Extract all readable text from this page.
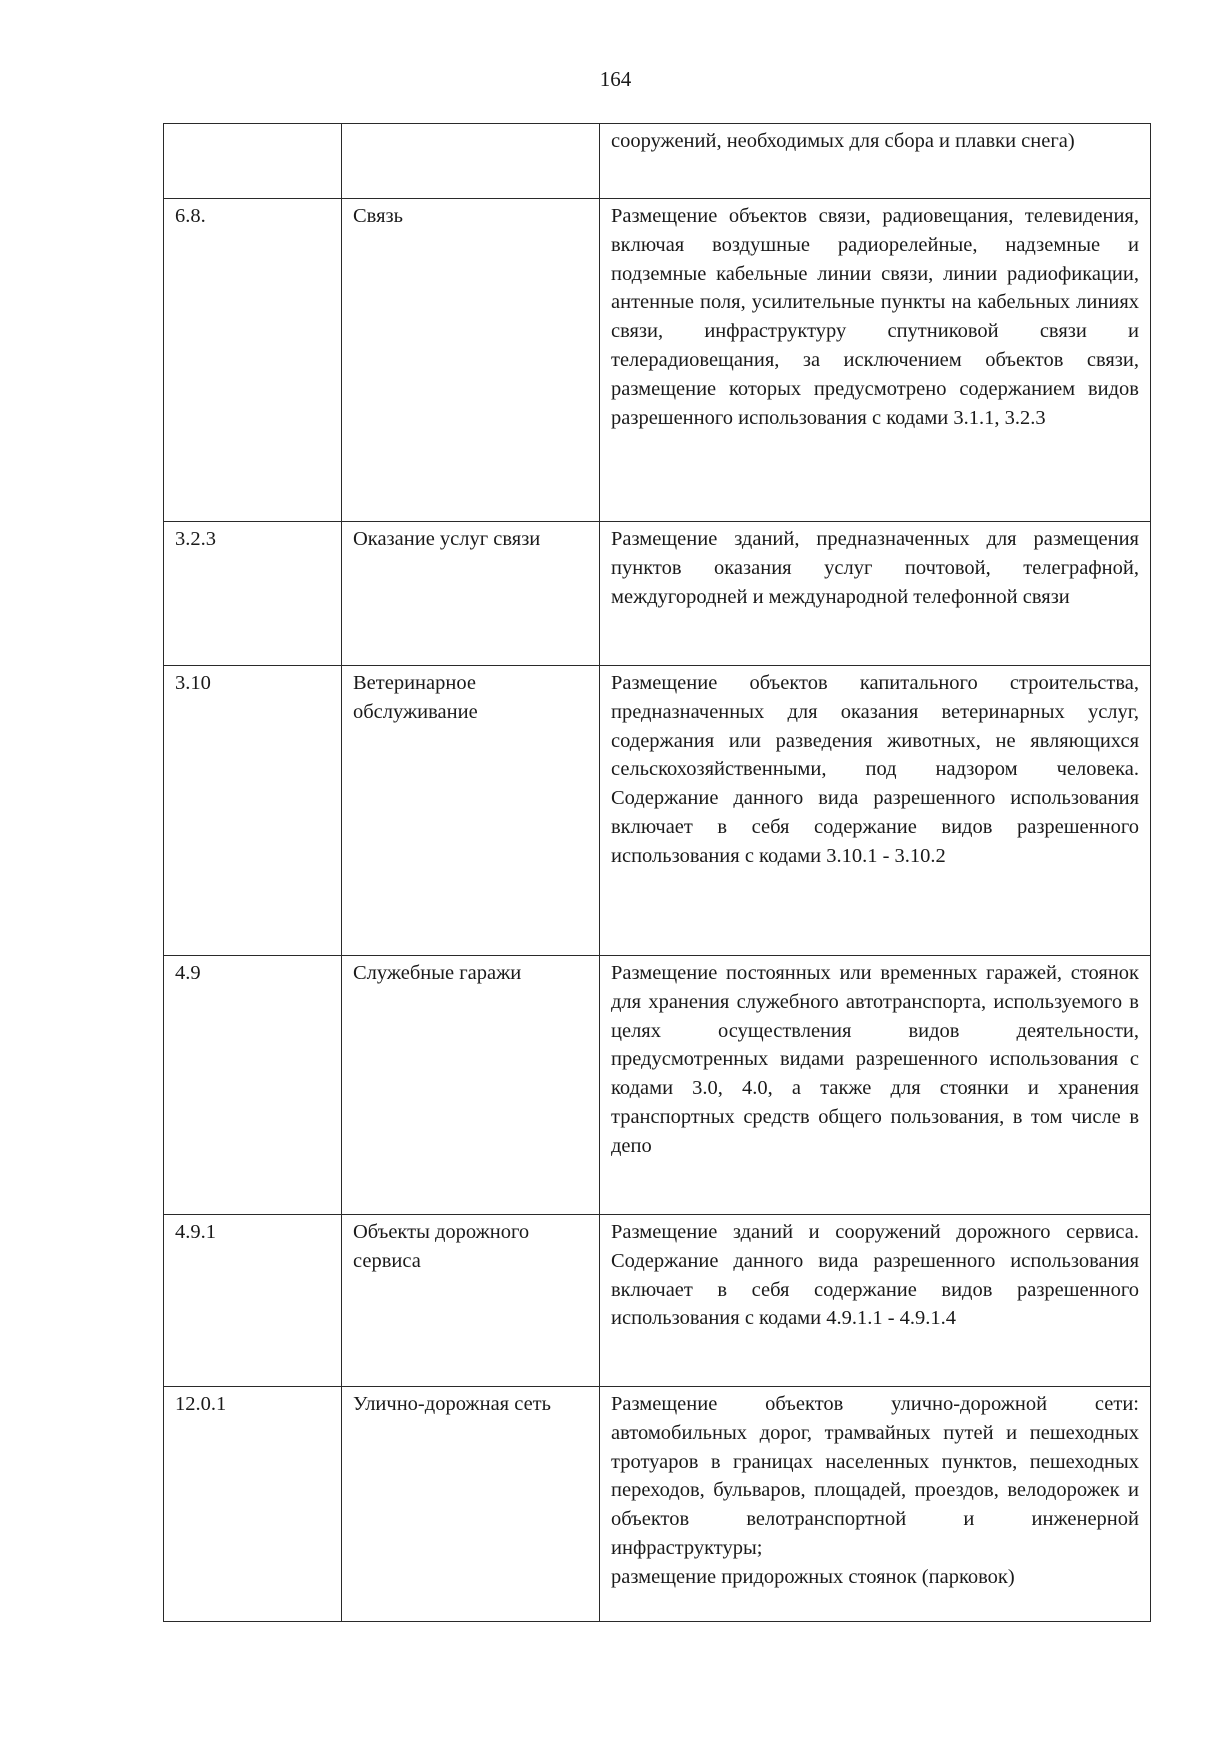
164

		сооружений, необходимых для сбора и плавки снега)

6.8.	Связь	Размещение объектов связи, радиовещания, телевидения, включая воздушные радиорелейные, надземные и подземные кабельные линии связи, линии радиофикации, антенные поля, усилительные пункты на кабельных линиях связи, инфраструктуру спутниковой связи и телерадиовещания, за исключением объектов связи, размещение которых предусмотрено содержанием видов разрешенного использования с кодами 3.1.1, 3.2.3

3.2.3	Оказание услуг связи	Размещение зданий, предназначенных для размещения пунктов оказания услуг почтовой, телеграфной, междугородней и международной телефонной связи

3.10	Ветеринарное обслуживание	Размещение объектов капитального строительства, предназначенных для оказания ветеринарных услуг, содержания или разведения животных, не являющихся сельскохозяйственными, под надзором человека. Содержание данного вида разрешенного использования включает в себя содержание видов разрешенного использования с кодами 3.10.1 - 3.10.2

4.9	Служебные гаражи	Размещение постоянных или временных гаражей, стоянок для хранения служебного автотранспорта, используемого в целях осуществления видов деятельности, предусмотренных видами разрешенного использования с кодами 3.0, 4.0, а также для стоянки и хранения транспортных средств общего пользования, в том числе в депо

4.9.1	Объекты дорожного сервиса	Размещение зданий и сооружений дорожного сервиса. Содержание данного вида разрешенного использования включает в себя содержание видов разрешенного использования с кодами 4.9.1.1 - 4.9.1.4

12.0.1	Улично-дорожная сеть	Размещение объектов улично-дорожной сети: автомобильных дорог, трамвайных путей и пешеходных тротуаров в границах населенных пунктов, пешеходных переходов, бульваров, площадей, проездов, велодорожек и объектов велотранспортной и инженерной инфраструктуры;
размещение придорожных стоянок (парковок)
